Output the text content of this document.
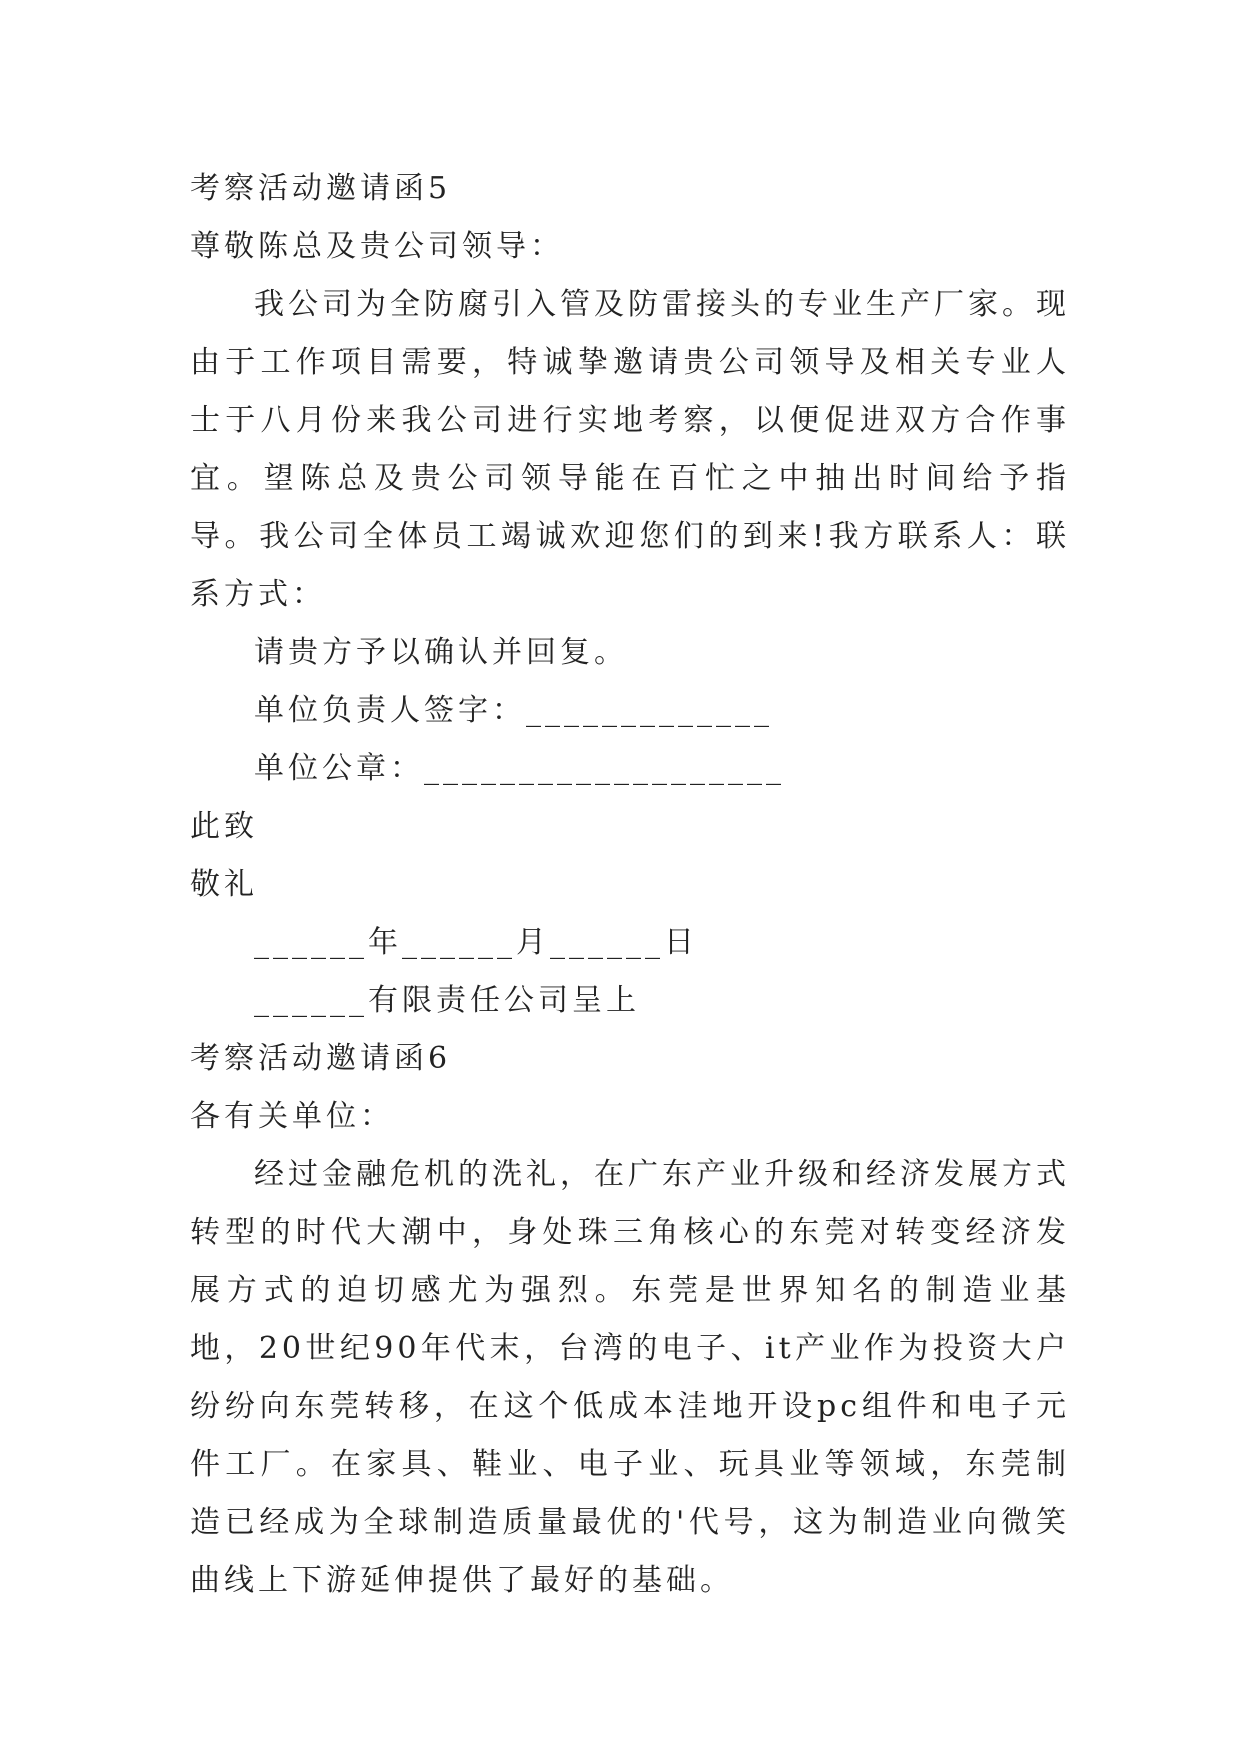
考察活动邀请函5
尊敬陈总及贵公司领导：
我公司为全防腐引入管及防雷接头的专业生产厂家。现由于工作项目需要，特诚挚邀请贵公司领导及相关专业人士于八月份来我公司进行实地考察，以便促进双方合作事宜。望陈总及贵公司领导能在百忙之中抽出时间给予指导。我公司全体员工竭诚欢迎您们的到来!我方联系人：联系方式：
请贵方予以确认并回复。
单位负责人签字：_____________
单位公章：___________________
此致
敬礼
______年______月______日
______有限责任公司呈上
考察活动邀请函6
各有关单位：
经过金融危机的洗礼，在广东产业升级和经济发展方式转型的时代大潮中，身处珠三角核心的东莞对转变经济发展方式的迫切感尤为强烈。东莞是世界知名的制造业基地，20世纪90年代末，台湾的电子、it产业作为投资大户纷纷向东莞转移，在这个低成本洼地开设pc组件和电子元件工厂。在家具、鞋业、电子业、玩具业等领域，东莞制造已经成为全球制造质量最优的'代号，这为制造业向微笑曲线上下游延伸提供了最好的基础。
